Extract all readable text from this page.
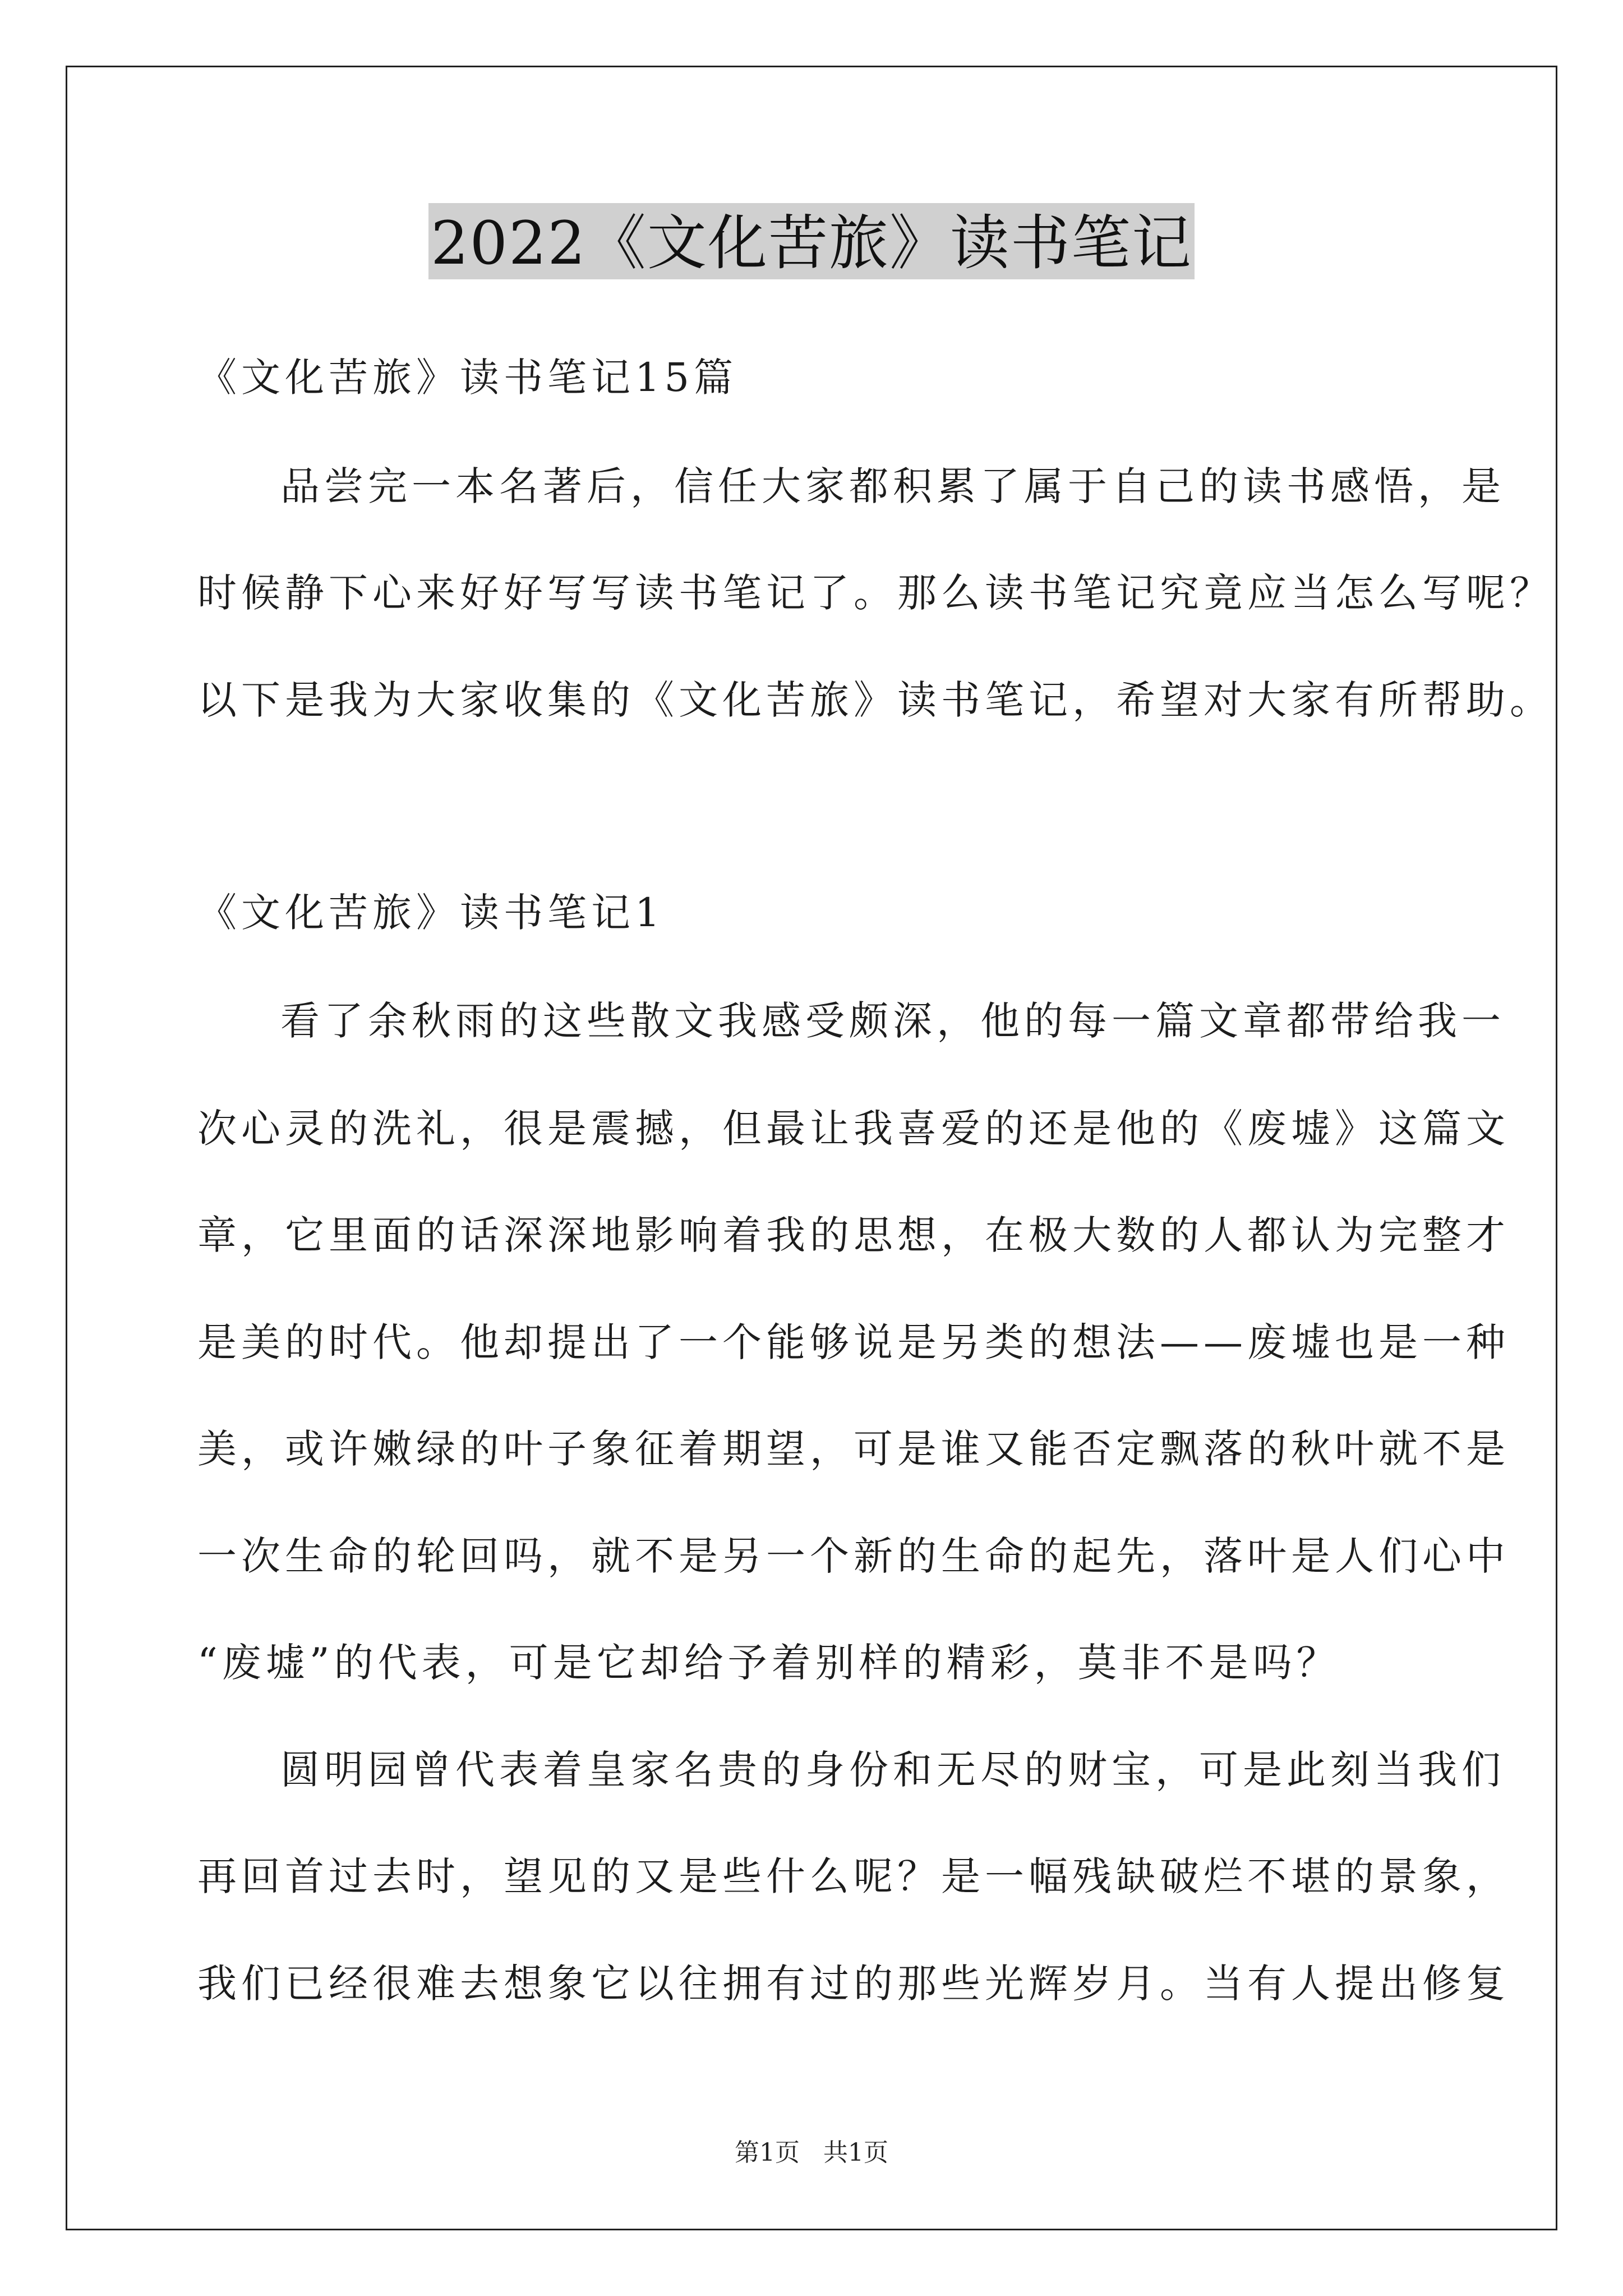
2022《文化苦旅》读书笔记
《文化苦旅》读书笔记15篇
品尝完一本名著后，信任大家都积累了属于自己的读书感悟，是
时候静下心来好好写写读书笔记了。那么读书笔记究竟应当怎么写呢？
以下是我为大家收集的《文化苦旅》读书笔记，希望对大家有所帮助。
《文化苦旅》读书笔记1
看了余秋雨的这些散文我感受颇深，他的每一篇文章都带给我一
次心灵的洗礼，很是震撼，但最让我喜爱的还是他的《废墟》这篇文
章，它里面的话深深地影响着我的思想，在极大数的人都认为完整才
是美的时代。他却提出了一个能够说是另类的想法——废墟也是一种
美，或许嫩绿的叶子象征着期望，可是谁又能否定飘落的秋叶就不是
一次生命的轮回吗，就不是另一个新的生命的起先，落叶是人们心中
“废墟”的代表，可是它却给予着别样的精彩，莫非不是吗？
圆明园曾代表着皇家名贵的身份和无尽的财宝，可是此刻当我们
再回首过去时，望见的又是些什么呢？是一幅残缺破烂不堪的景象，
我们已经很难去想象它以往拥有过的那些光辉岁月。当有人提出修复
第1页 共1页
